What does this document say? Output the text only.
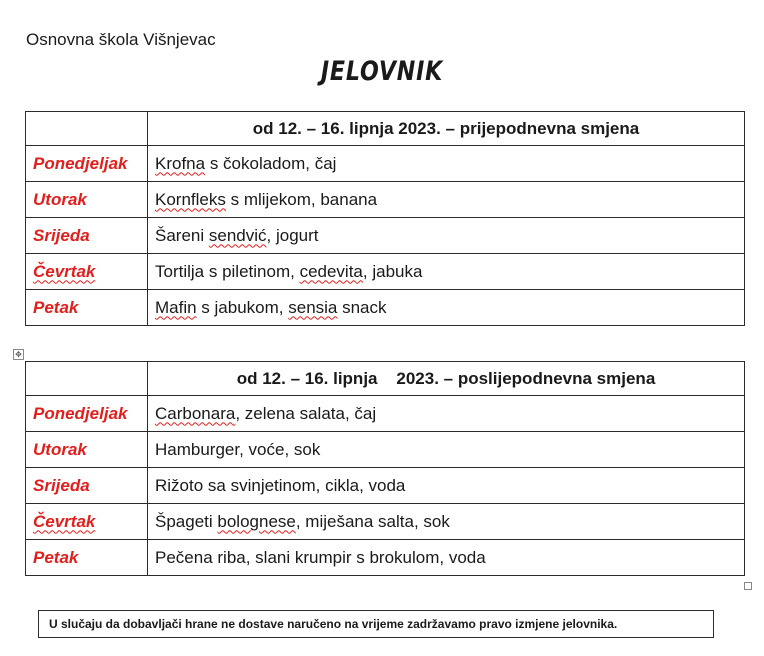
Osnovna škola Višnjevac
JELOVNIK
	od 12. – 16. lipnja 2023. – prijepodnevna smjena
Ponedjeljak	Krofna s čokoladom, čaj
Utorak	Kornfleks s mlijekom, banana
Srijeda	Šareni sendvić, jogurt
Čevrtak	Tortilja s piletinom, cedevita, jabuka
Petak	Mafin s jabukom, sensia snack
✥
	od 12. – 16. lipnja    2023. – poslijepodnevna smjena
Ponedjeljak	Carbonara, zelena salata, čaj
Utorak	Hamburger, voće, sok
Srijeda	Rižoto sa svinjetinom, cikla, voda
Čevrtak	Špageti bolognese, miješana salta, sok
Petak	Pečena riba, slani krumpir s brokulom, voda
U slučaju da dobavljači hrane ne dostave naručeno na vrijeme zadržavamo pravo izmjene jelovnika.
